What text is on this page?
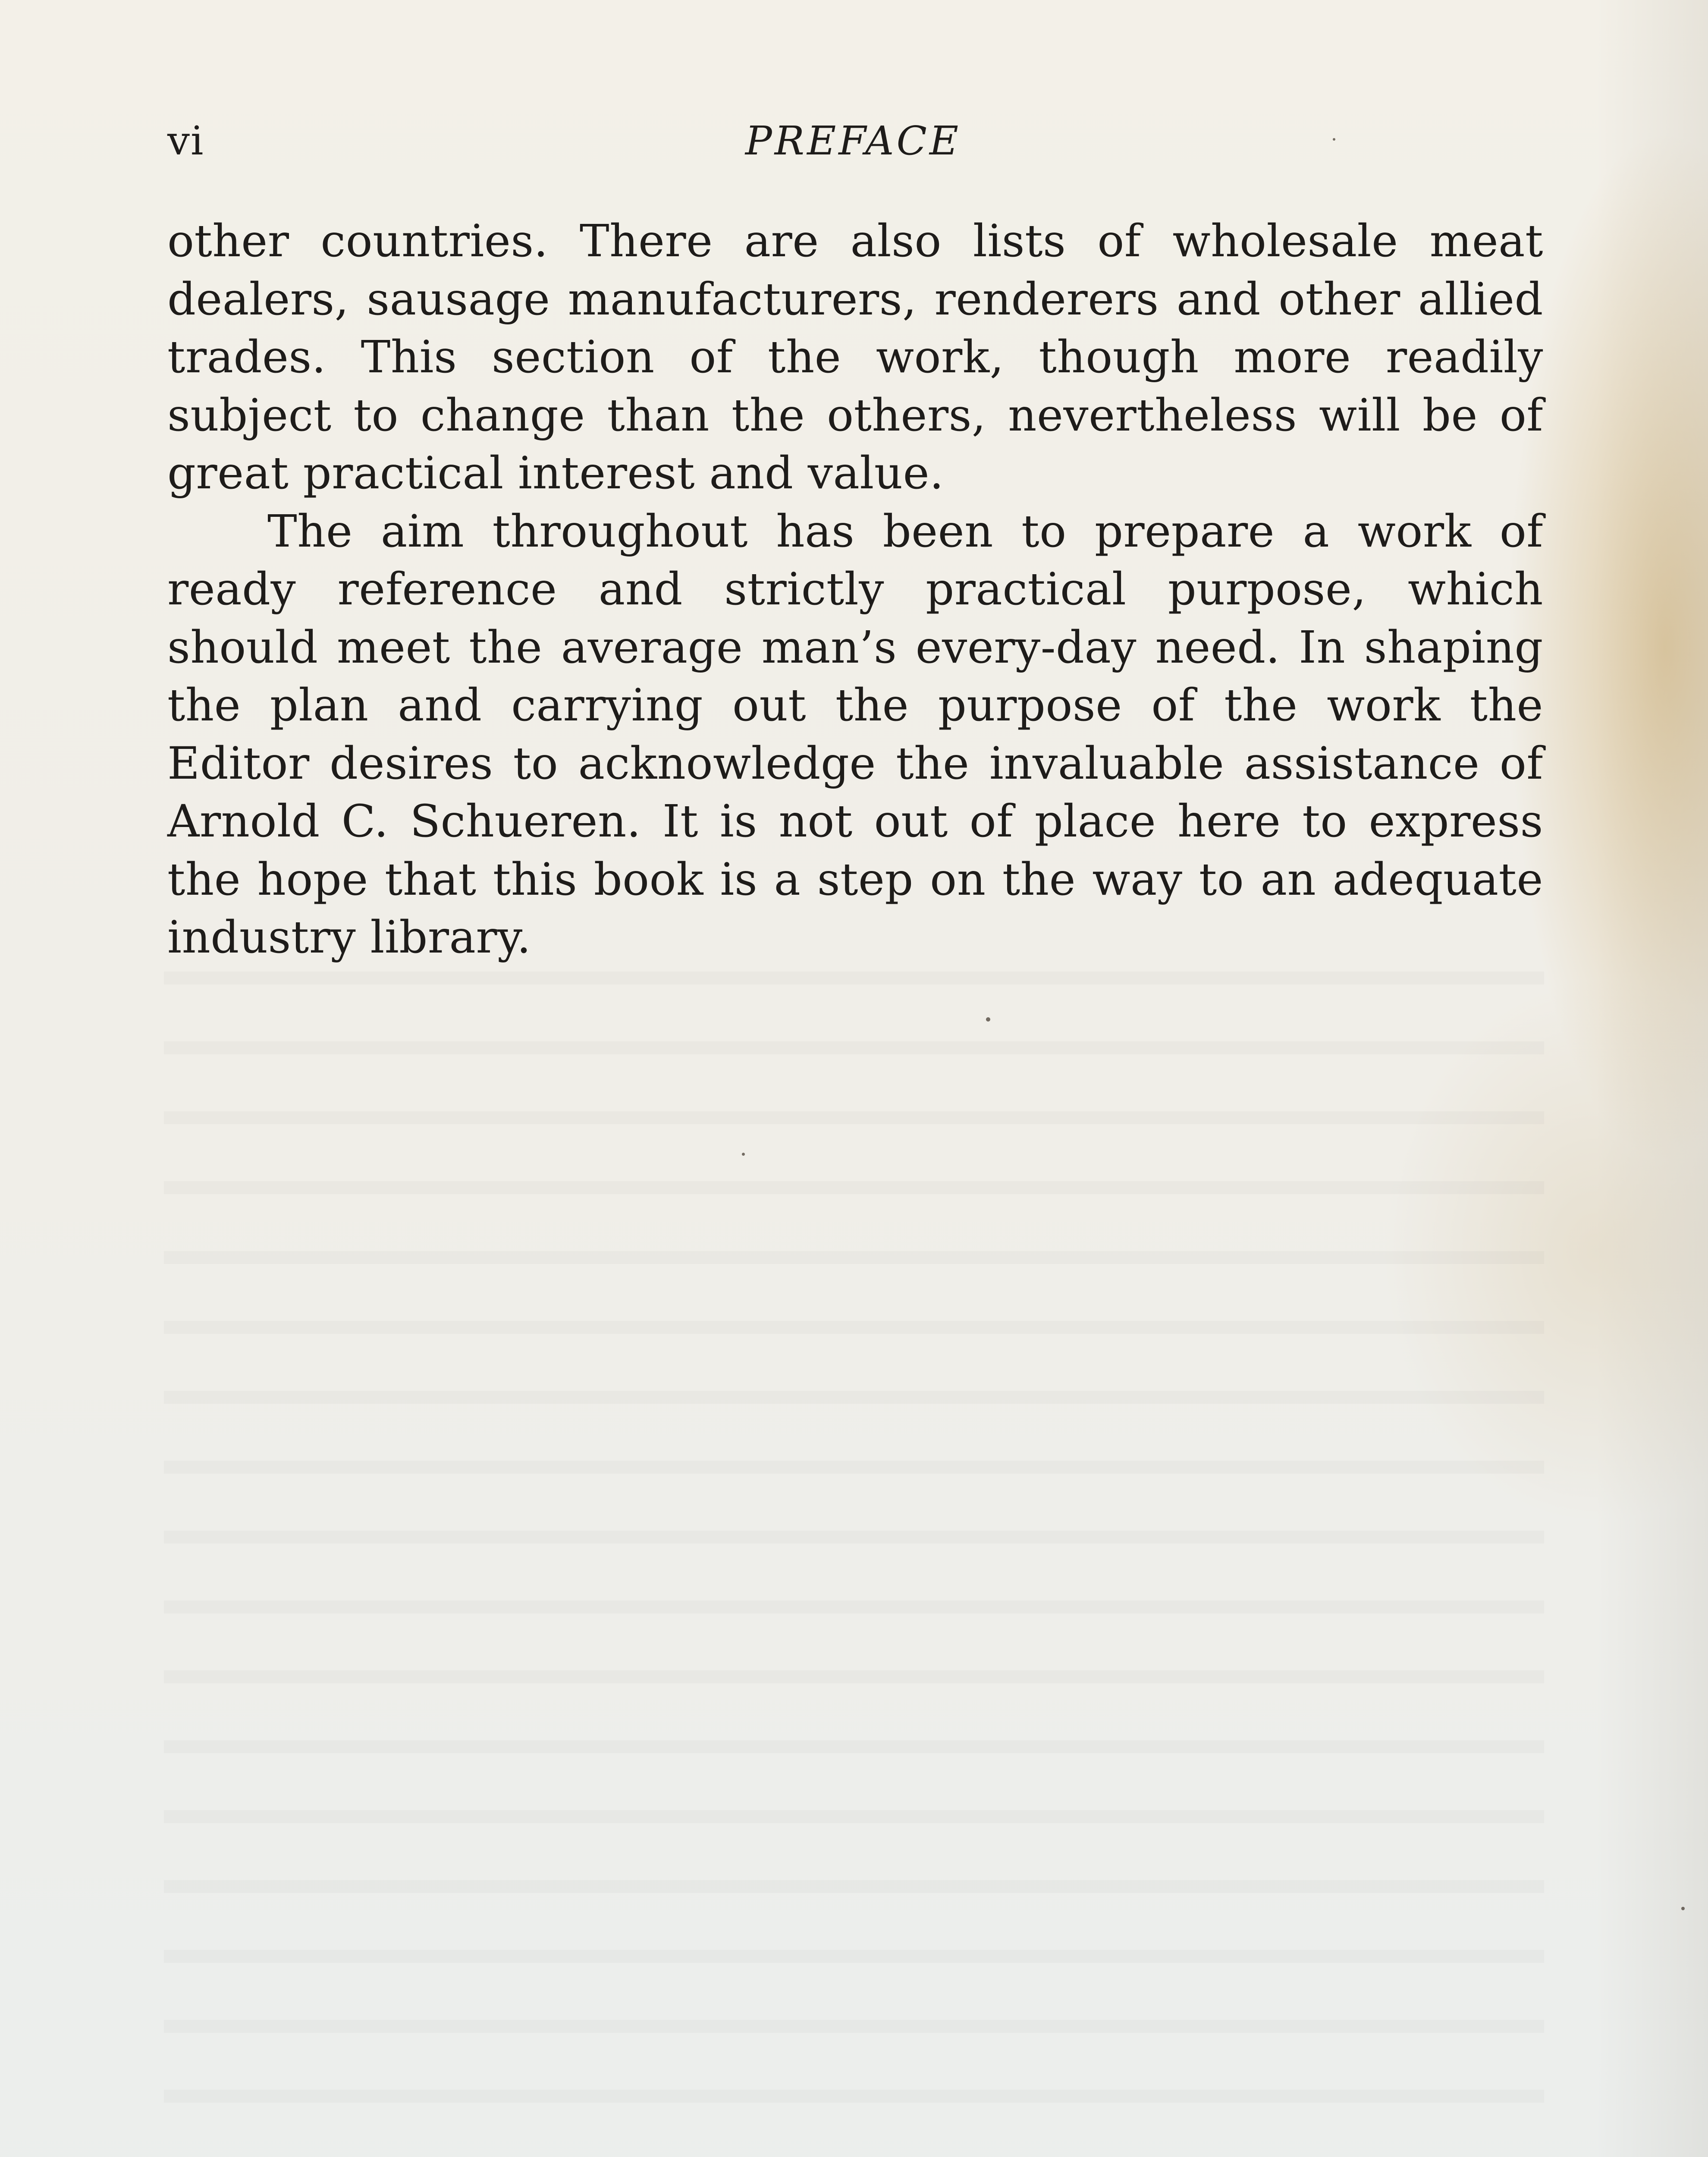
vi	PREFACE

other countries. There are also lists of wholesale meat dealers, sausage manufacturers, renderers and other allied trades. This section of the work, though more readily subject to change than the others, nevertheless will be of great practical interest and value.

The aim throughout has been to prepare a work of ready reference and strictly practical purpose, which should meet the average man’s every-day need. In shaping the plan and carrying out the purpose of the work the Editor desires to acknowledge the invaluable assistance of Arnold C. Schueren. It is not out of place here to express the hope that this book is a step on the way to an adequate industry library.
